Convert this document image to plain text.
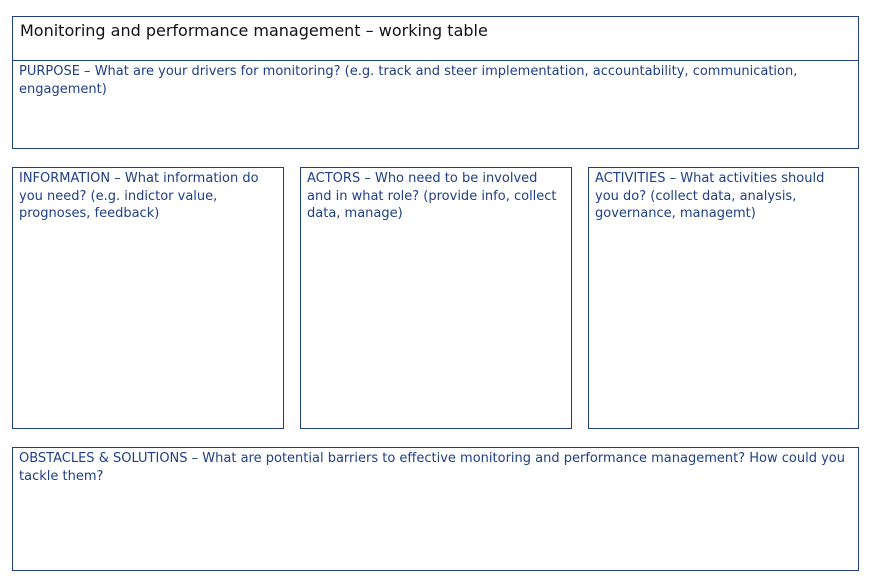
Monitoring and performance management – working table
PURPOSE – What are your drivers for monitoring? (e.g. track and steer implementation, accountability, communication, engagement)
INFORMATION – What information do you need? (e.g. indictor value, prognoses, feedback)
ACTORS – Who need to be involved and in what role? (provide info, collect data, manage)
ACTIVITIES – What activities should you do? (collect data, analysis, governance, managemt)
OBSTACLES & SOLUTIONS – What are potential barriers to effective monitoring and performance management? How could you tackle them?
